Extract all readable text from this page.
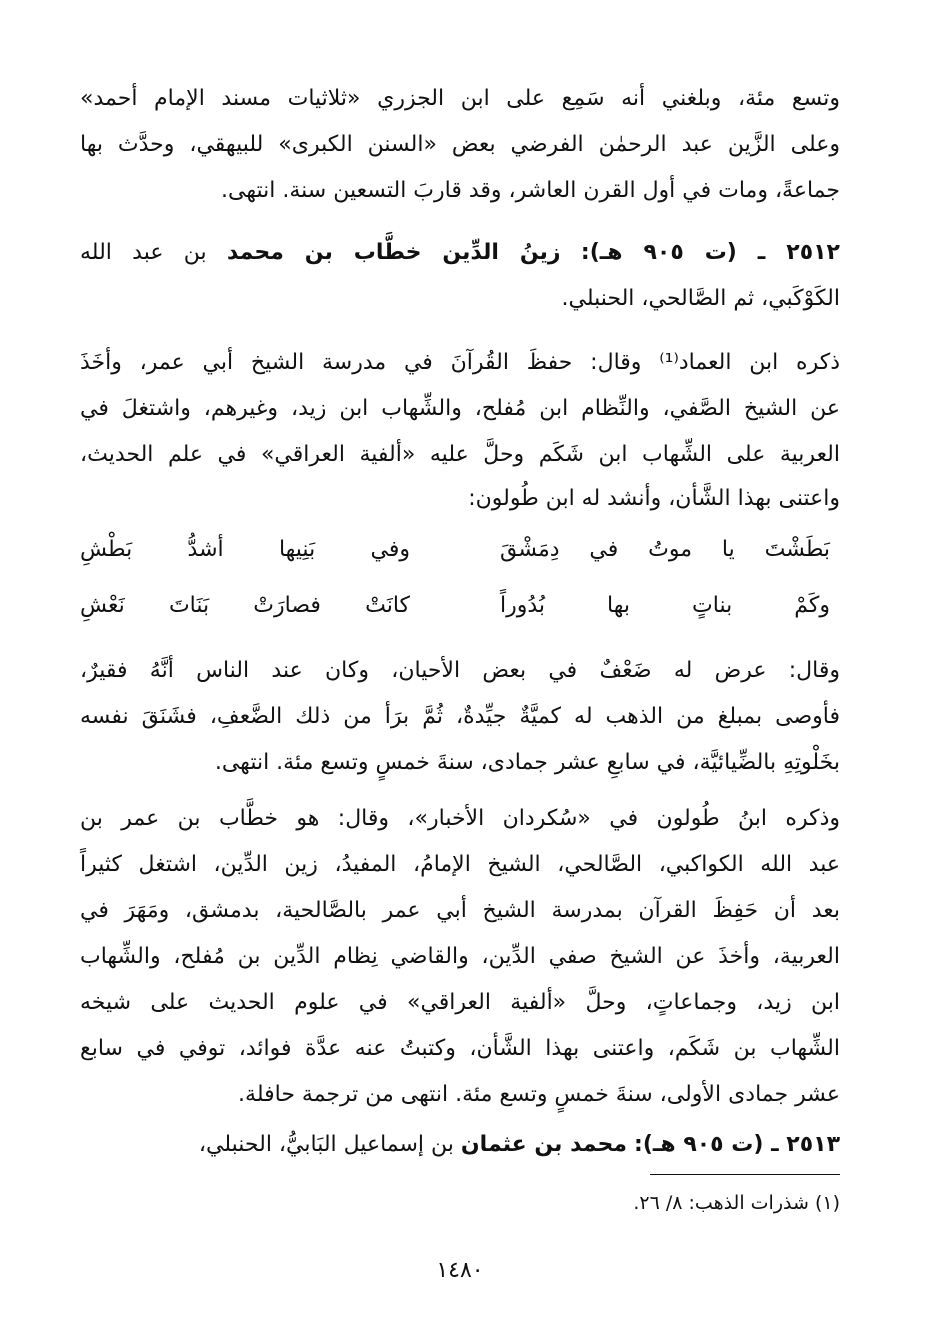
وتسع مئة، وبلغني أنه سَمِع على ابن الجزري «ثلاثيات مسند الإمام أحمد»
وعلى الزَّين عبد الرحمٰن الفرضي بعض «السنن الكبرى» للبيهقي، وحدَّث بها
جماعةً، ومات في أول القرن العاشر، وقد قاربَ التسعين سنة. انتهى.
٢٥١٢ ـ (ت ٩٠٥ هـ): زينُ الدِّين خطَّاب بن محمد بن عبد الله
الكَوْكَبي، ثم الصَّالحي، الحنبلي.
ذكره ابن العماد⁽¹⁾ وقال: حفظَ القُرآنَ في مدرسة الشيخ أبي عمر، وأخَذَ
عن الشيخ الصَّفي، والنِّظام ابن مُفلح، والشِّهاب ابن زيد، وغيرهم، واشتغلَ في
العربية على الشِّهاب ابن شَكَم وحلَّ عليه «ألفية العراقي» في علم الحديث،
واعتنى بهذا الشَّأن، وأنشد له ابن طُولون:
بَطَشْتَ يا موتُ في دِمَشْقَ
وفي بَنِيها أشدُّ بَطْشِ
وكَمْ بناتٍ بها بُدُوراً
كانَتْ فصارَتْ بَنَاتَ نَعْشِ
وقال: عرض له ضَعْفٌ في بعض الأحيان، وكان عند الناس أنَّهُ فقيرٌ،
فأوصى بمبلغ من الذهب له كميَّةٌ جيِّدةٌ، ثُمَّ برَأ من ذلك الضَّعفِ، فشَنَقَ نفسه
بخَلْوتِهِ بالضِّيائيَّة، في سابعِ عشر جمادى، سنةَ خمسٍ وتسع مئة. انتهى.
وذكره ابنُ طُولون في «سُكردان الأخبار»، وقال: هو خطَّاب بن عمر بن
عبد الله الكواكبي، الصَّالحي، الشيخ الإمامُ، المفيدُ، زين الدِّين، اشتغل كثيراً
بعد أن حَفِظَ القرآن بمدرسة الشيخ أبي عمر بالصَّالحية، بدمشق، ومَهَرَ في
العربية، وأخذَ عن الشيخ صفي الدِّين، والقاضي نِظام الدِّين بن مُفلح، والشِّهاب
ابن زيد، وجماعاتٍ، وحلَّ «ألفية العراقي» في علوم الحديث على شيخه
الشِّهاب بن شَكَم، واعتنى بهذا الشَّأن، وكتبتُ عنه عدَّة فوائد، توفي في سابع
عشر جمادى الأولى، سنةَ خمسٍ وتسع مئة. انتهى من ترجمة حافلة.
٢٥١٣ ـ (ت ٩٠٥ هـ): محمد بن عثمان بن إسماعيل البَابيُّ، الحنبلي،
(١) شذرات الذهب: ٨/ ٢٦.
١٤٨٠
